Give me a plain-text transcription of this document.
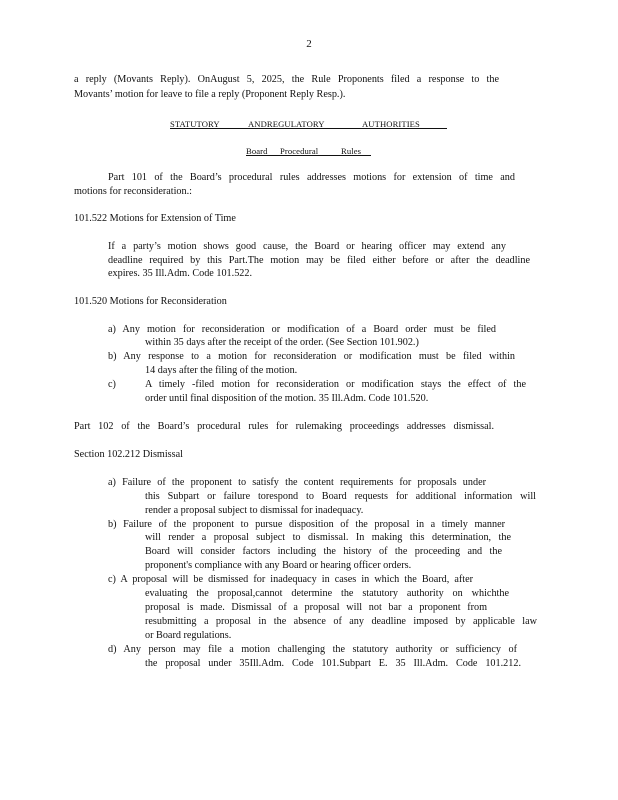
2
a reply (Movants Reply). OnAugust 5, 2025, the Rule Proponents filed a response to the
Movants’ motion for leave to file a reply (Proponent Reply Resp.).
STATUTORY	ANDREGULATORY	AUTHORITIES
Board Procedural	Rules
Part 101 of the Board’s procedural rules addresses motions for extension of time and
motions for reconsideration.:
101.522 Motions for Extension of Time
If a party’s motion shows good cause, the Board or hearing officer may extend any
deadline required by this Part.The motion may be filed either before or after the deadline
expires. 35 Ill.Adm. Code 101.522.
101.520 Motions for Reconsideration
a) Any motion for reconsideration or modification of a Board order must be filed
within 35 days after the receipt of the order. (See Section 101.902.)
b) Any response to a motion for reconsideration or modification must be filed within
14 days after the filing of the motion.
c)	A timely -filed motion for reconsideration or modification stays the effect of the
order until final disposition of the motion. 35 Ill.Adm. Code 101.520.
Part 102 of the Board’s procedural rules for rulemaking proceedings addresses dismissal.
Section 102.212 Dismissal
a) Failure of the proponent to satisfy the content requirements for proposals under
this Subpart or failure torespond to Board requests for additional information will
render a proposal subject to dismissal for inadequacy.
b) Failure of the proponent to pursue disposition of the proposal in a timely manner
will render a proposal subject to dismissal. In making this determination, the
Board will consider factors including the history of the proceeding and the
proponent's compliance with any Board or hearing officer orders.
c) A proposal will be dismissed for inadequacy in cases in which the Board, after
evaluating the proposal,cannot determine the statutory authority on whichthe
proposal is made. Dismissal of a proposal will not bar a proponent from
resubmitting a proposal in the absence of any deadline imposed by applicable law
or Board regulations.
d) Any person may file a motion challenging the statutory authority or sufficiency of
the proposal under 35Ill.Adm. Code 101.Subpart E. 35 Ill.Adm. Code 101.212.
